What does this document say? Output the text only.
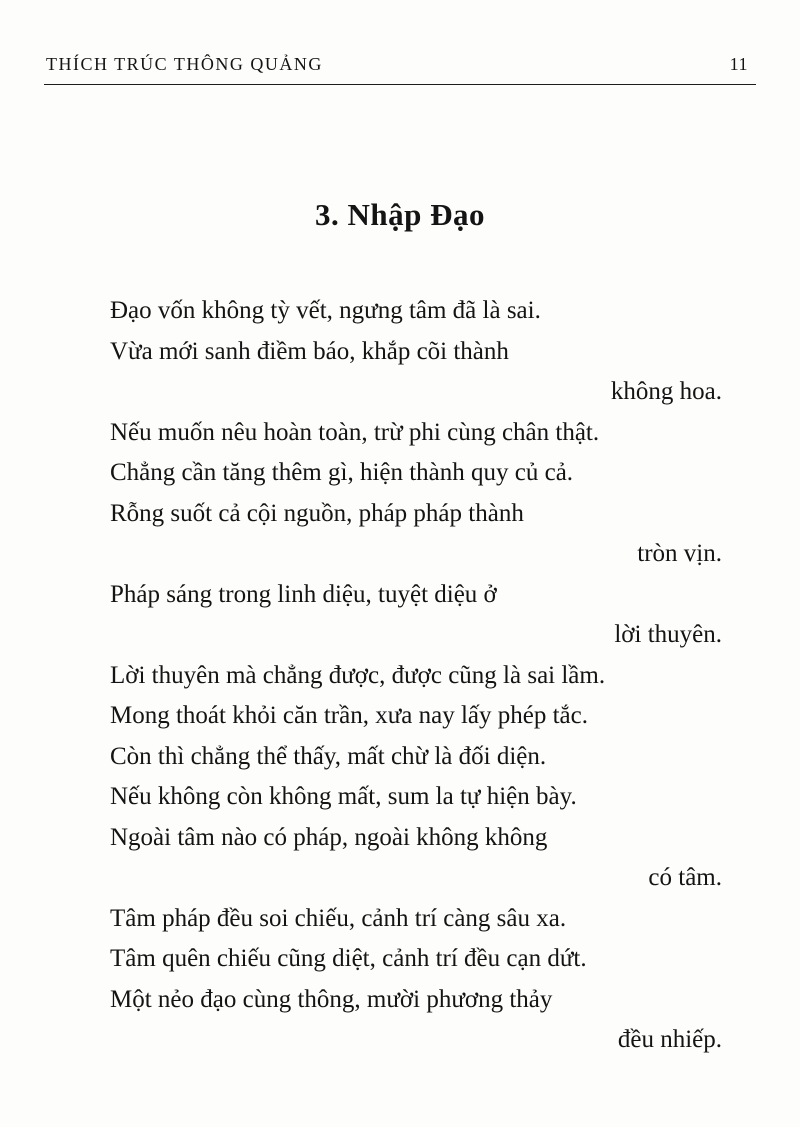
THÍCH TRÚC THÔNG QUẢNG	11
3. Nhập Đạo
Đạo vốn không tỳ vết, ngưng tâm đã là sai.
Vừa mới sanh điềm báo, khắp cõi thành
không hoa.
Nếu muốn nêu hoàn toàn, trừ phi cùng chân thật.
Chẳng cần tăng thêm gì, hiện thành quy củ cả.
Rỗng suốt cả cội nguồn, pháp pháp thành
tròn vịn.
Pháp sáng trong linh diệu, tuyệt diệu ở
lời thuyên.
Lời thuyên mà chẳng được, được cũng là sai lầm.
Mong thoát khỏi căn trần, xưa nay lấy phép tắc.
Còn thì chẳng thể thấy, mất chừ là đối diện.
Nếu không còn không mất, sum la tự hiện bày.
Ngoài tâm nào có pháp, ngoài không không
có tâm.
Tâm pháp đều soi chiếu, cảnh trí càng sâu xa.
Tâm quên chiếu cũng diệt, cảnh trí đều cạn dứt.
Một nẻo đạo cùng thông, mười phương thảy
đều nhiếp.
